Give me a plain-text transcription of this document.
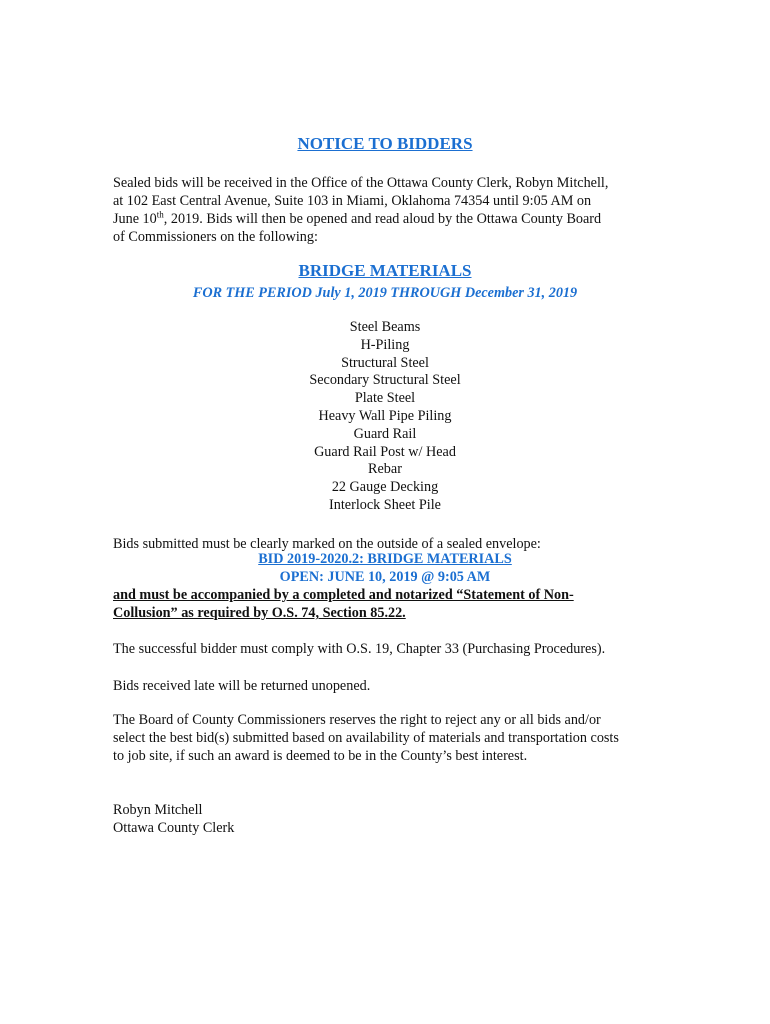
NOTICE TO BIDDERS

Sealed bids will be received in the Office of the Ottawa County Clerk, Robyn Mitchell,
at 102 East Central Avenue, Suite 103 in Miami, Oklahoma 74354 until 9:05 AM on
June 10th, 2019. Bids will then be opened and read aloud by the Ottawa County Board
of Commissioners on the following:

BRIDGE MATERIALS
FOR THE PERIOD July 1, 2019 THROUGH December 31, 2019
Steel Beams
H-Piling
Structural Steel
Secondary Structural Steel
Plate Steel
Heavy Wall Pipe Piling
Guard Rail
Guard Rail Post w/ Head
Rebar
22 Gauge Decking
Interlock Sheet Pile

Bids submitted must be clearly marked on the outside of a sealed envelope:

BID 2019-2020.2: BRIDGE MATERIALS
OPEN: JUNE 10, 2019 @ 9:05 AM
and must be accompanied by a completed and notarized “Statement of Non-
Collusion” as required by O.S. 74, Section 85.22.

The successful bidder must comply with O.S. 19, Chapter 33 (Purchasing Procedures).

Bids received late will be returned unopened.

The Board of County Commissioners reserves the right to reject any or all bids and/or
select the best bid(s) submitted based on availability of materials and transportation costs
to job site, if such an award is deemed to be in the County’s best interest.

Robyn Mitchell
Ottawa County Clerk
